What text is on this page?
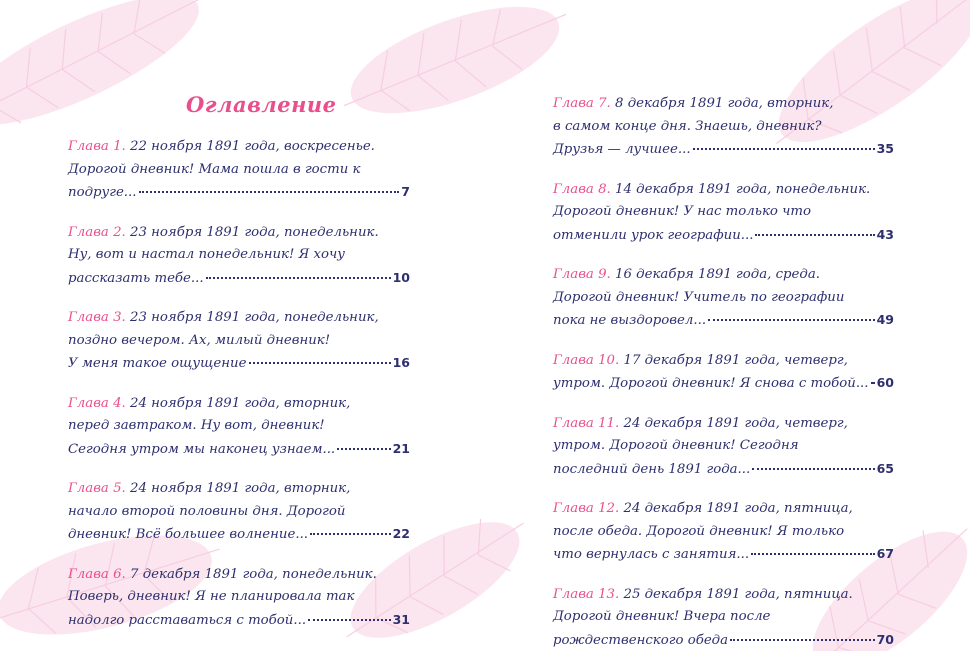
Оглавление
Глава 1. 22 ноября 1891 года, воскресенье.
Дорогой дневник! Мама пошла в гости к
подруге...	7
Глава 2. 23 ноября 1891 года, понедельник.
Ну, вот и настал понедельник! Я хочу
рассказать тебе...	10
Глава 3. 23 ноября 1891 года, понедельник,
поздно вечером. Ах, милый дневник!
У меня такое ощущение	16
Глава 4. 24 ноября 1891 года, вторник,
перед завтраком. Ну вот, дневник!
Сегодня утром мы наконец узнаем...	21
Глава 5. 24 ноября 1891 года, вторник,
начало второй половины дня. Дорогой
дневник! Всё большее волнение...	22
Глава 6. 7 декабря 1891 года, понедельник.
Поверь, дневник! Я не планировала так
надолго расставаться с тобой...	31
Глава 7. 8 декабря 1891 года, вторник,
в самом конце дня. Знаешь, дневник?
Друзья — лучшее...	35
Глава 8. 14 декабря 1891 года, понедельник.
Дорогой дневник! У нас только что
отменили урок географии...	43
Глава 9. 16 декабря 1891 года, среда.
Дорогой дневник! Учитель по географии
пока не выздоровел...	49
Глава 10. 17 декабря 1891 года, четверг,
утром. Дорогой дневник! Я снова с тобой... 60
Глава 11. 24 декабря 1891 года, четверг,
утром. Дорогой дневник! Сегодня
последний день 1891 года...	65
Глава 12. 24 декабря 1891 года, пятница,
после обеда. Дорогой дневник! Я только
что вернулась с занятия...	67
Глава 13. 25 декабря 1891 года, пятница.
Дорогой дневник! Вчера после
рождественского обеда	70
